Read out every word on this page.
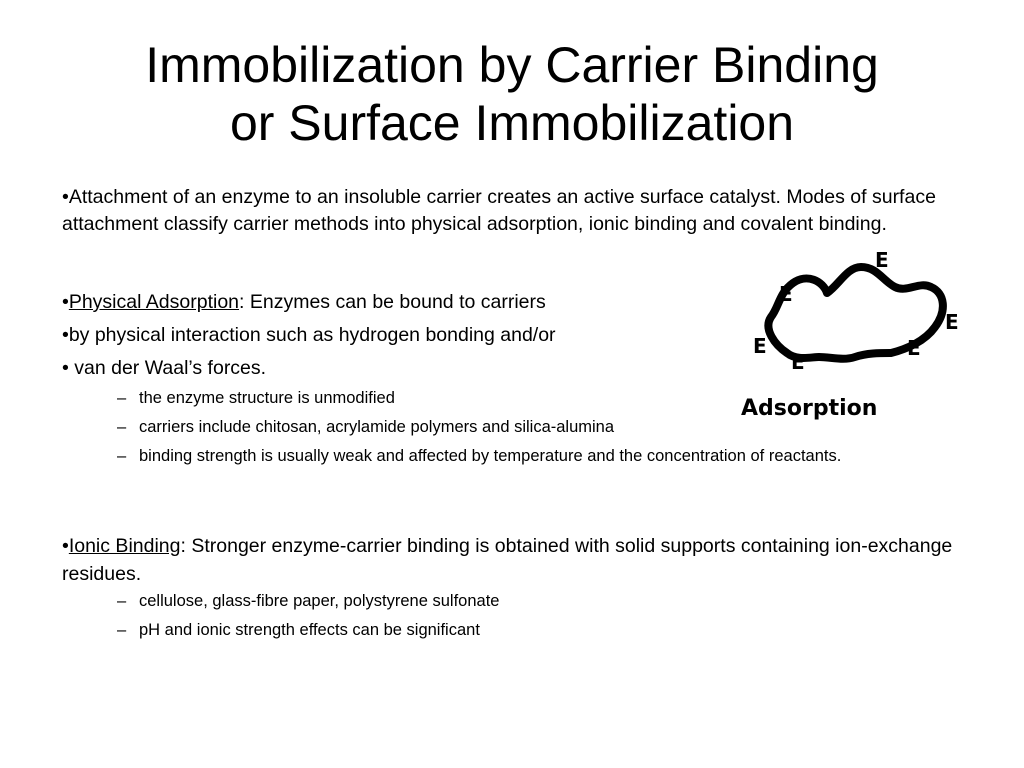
Immobilization by Carrier Binding
or Surface Immobilization
•Attachment of an enzyme to an insoluble carrier creates an active surface catalyst. Modes of surface attachment classify carrier methods into physical adsorption, ionic binding and covalent binding.
•Physical Adsorption: Enzymes can be bound to carriers
•by physical interaction such as hydrogen bonding and/or
• van der Waal’s forces.
– the enzyme structure is unmodified
– carriers include chitosan, acrylamide polymers and silica-alumina
– binding strength is usually weak and affected by temperature and the concentration of reactants.
•Ionic Binding: Stronger enzyme-carrier binding is obtained with solid supports containing ion-exchange residues.
– cellulose, glass-fibre paper, polystyrene sulfonate
– pH and ionic strength effects can be significant
E
E
E
E
E
E
Adsorption
